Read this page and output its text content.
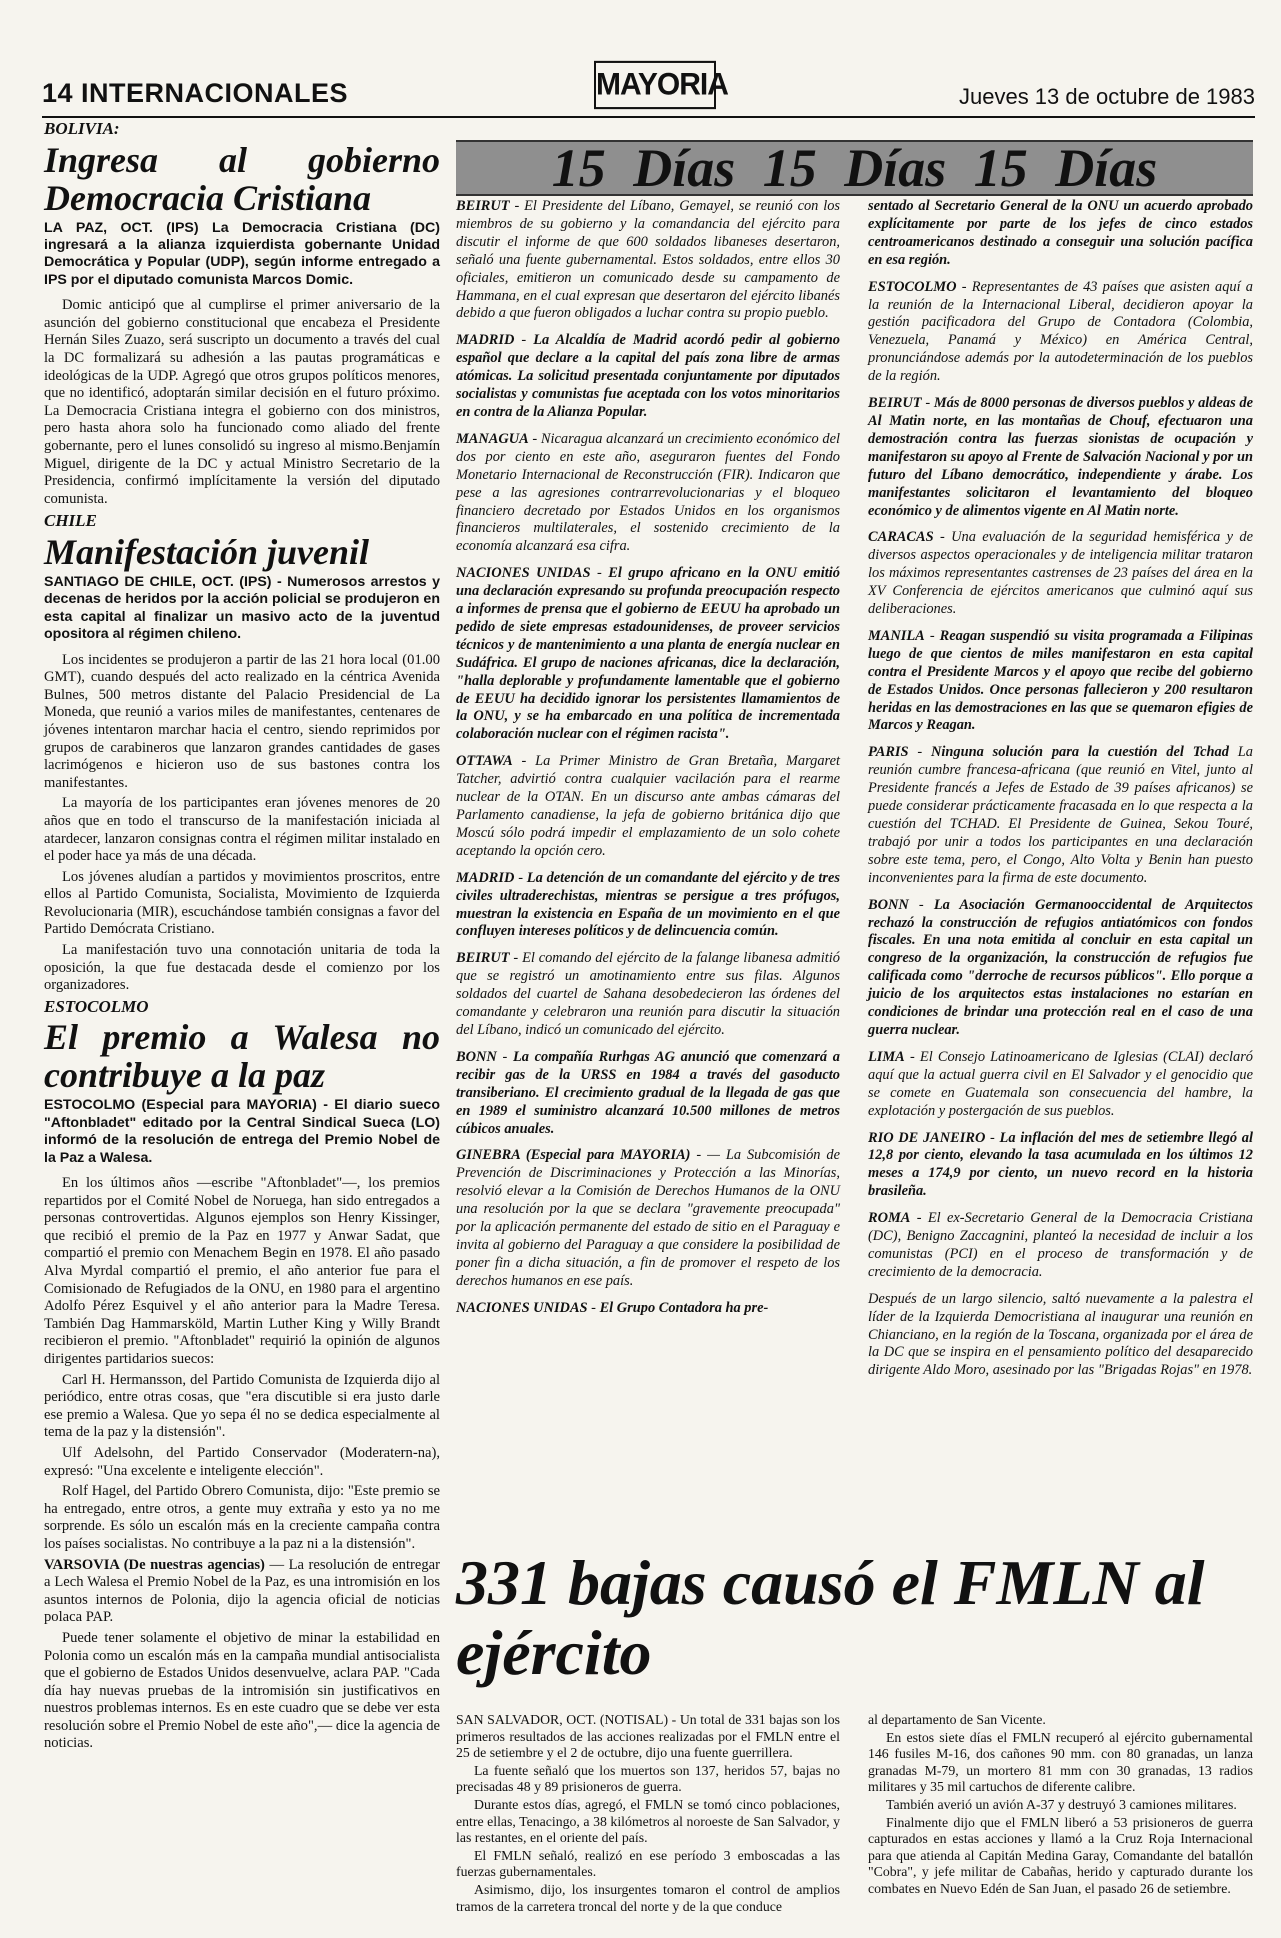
14 INTERNACIONALES	MAYORIA	Jueves 13 de octubre de 1983

BOLIVIA:

Ingresa al gobierno Democracia Cristiana

LA PAZ, OCT. (IPS) La Democracia Cristiana (DC) ingresará a la alianza izquierdista gobernante Unidad Democrática y Popular (UDP), según informe entregado a IPS por el diputado comunista Marcos Domic.

Domic anticipó que al cumplirse el primer aniversario de la asunción del gobierno constitucional que encabeza el Presidente Hernán Siles Zuazo, será suscripto un documento a través del cual la DC formalizará su adhesión a las pautas programáticas e ideológicas de la UDP. Agregó que otros grupos políticos menores, que no identificó, adoptarán similar decisión en el futuro próximo. La Democracia Cristiana integra el gobierno con dos ministros, pero hasta ahora solo ha funcionado como aliado del frente gobernante, pero el lunes consolidó su ingreso al mismo.Benjamín Miguel, dirigente de la DC y actual Ministro Secretario de la Presidencia, confirmó implícitamente la versión del diputado comunista.

CHILE

Manifestación juvenil

SANTIAGO DE CHILE, OCT. (IPS) - Numerosos arrestos y decenas de heridos por la acción policial se produjeron en esta capital al finalizar un masivo acto de la juventud opositora al régimen chileno.

Los incidentes se produjeron a partir de las 21 hora local (01.00 GMT), cuando después del acto realizado en la céntrica Avenida Bulnes, 500 metros distante del Palacio Presidencial de La Moneda, que reunió a varios miles de manifestantes, centenares de jóvenes intentaron marchar hacia el centro, siendo reprimidos por grupos de carabineros que lanzaron grandes cantidades de gases lacrimógenos e hicieron uso de sus bastones contra los manifestantes.

La mayoría de los participantes eran jóvenes menores de 20 años que en todo el transcurso de la manifestación iniciada al atardecer, lanzaron consignas contra el régimen militar instalado en el poder hace ya más de una década.

Los jóvenes aludían a partidos y movimientos proscritos, entre ellos al Partido Comunista, Socialista, Movimiento de Izquierda Revolucionaria (MIR), escuchándose también consignas a favor del Partido Demócrata Cristiano.

La manifestación tuvo una connotación unitaria de toda la oposición, la que fue destacada desde el comienzo por los organizadores.

ESTOCOLMO

El premio a Walesa no contribuye a la paz

ESTOCOLMO (Especial para MAYORIA) - El diario sueco "Aftonbladet" editado por la Central Sindical Sueca (LO) informó de la resolución de entrega del Premio Nobel de la Paz a Walesa.

En los últimos años —escribe "Aftonbladet"—, los premios repartidos por el Comité Nobel de Noruega, han sido entregados a personas controvertidas. Algunos ejemplos son Henry Kissinger, que recibió el premio de la Paz en 1977 y Anwar Sadat, que compartió el premio con Menachem Begin en 1978. El año pasado Alva Myrdal compartió el premio, el año anterior fue para el Comisionado de Refugiados de la ONU, en 1980 para el argentino Adolfo Pérez Esquivel y el año anterior para la Madre Teresa. También Dag Hammarsköld, Martin Luther King y Willy Brandt recibieron el premio. "Aftonbladet" requirió la opinión de algunos dirigentes partidarios suecos:

Carl H. Hermansson, del Partido Comunista de Izquierda dijo al periódico, entre otras cosas, que "era discutible si era justo darle ese premio a Walesa. Que yo sepa él no se dedica especialmente al tema de la paz y la distensión".

Ulf Adelsohn, del Partido Conservador (Moderatern-na), expresó: "Una excelente e inteligente elección".

Rolf Hagel, del Partido Obrero Comunista, dijo: "Este premio se ha entregado, entre otros, a gente muy extraña y esto ya no me sorprende. Es sólo un escalón más en la creciente campaña contra los países socialistas. No contribuye a la paz ni a la distensión".

VARSOVIA (De nuestras agencias) — La resolución de entregar a Lech Walesa el Premio Nobel de la Paz, es una intromisión en los asuntos internos de Polonia, dijo la agencia oficial de noticias polaca PAP.

Puede tener solamente el objetivo de minar la estabilidad en Polonia como un escalón más en la campaña mundial antisocialista que el gobierno de Estados Unidos desenvuelve, aclara PAP. "Cada día hay nuevas pruebas de la intromisión sin justificativos en nuestros problemas internos. Es en este cuadro que se debe ver esta resolución sobre el Premio Nobel de este año",— dice la agencia de noticias.

15 Días 15 Días 15 Días
BEIRUT - El Presidente del Líbano, Gemayel, se reunió con los miembros de su gobierno y la comandancia del ejército para discutir el informe de que 600 soldados libaneses desertaron, señaló una fuente gubernamental. Estos soldados, entre ellos 30 oficiales, emitieron un comunicado desde su campamento de Hammana, en el cual expresan que desertaron del ejército libanés debido a que fueron obligados a luchar contra su propio pueblo.
MADRID - La Alcaldía de Madrid acordó pedir al gobierno español que declare a la capital del país zona libre de armas atómicas. La solicitud presentada conjuntamente por diputados socialistas y comunistas fue aceptada con los votos minoritarios en contra de la Alianza Popular.
MANAGUA - Nicaragua alcanzará un crecimiento económico del dos por ciento en este año, aseguraron fuentes del Fondo Monetario Internacional de Reconstrucción (FIR). Indicaron que pese a las agresiones contrarrevolucionarias y el bloqueo financiero decretado por Estados Unidos en los organismos financieros multilaterales, el sostenido crecimiento de la economía alcanzará esa cifra.
NACIONES UNIDAS - El grupo africano en la ONU emitió una declaración expresando su profunda preocupación respecto a informes de prensa que el gobierno de EEUU ha aprobado un pedido de siete empresas estadounidenses, de proveer servicios técnicos y de mantenimiento a una planta de energía nuclear en Sudáfrica. El grupo de naciones africanas, dice la declaración, "halla deplorable y profundamente lamentable que el gobierno de EEUU ha decidido ignorar los persistentes llamamientos de la ONU, y se ha embarcado en una política de incrementada colaboración nuclear con el régimen racista".
OTTAWA - La Primer Ministro de Gran Bretaña, Margaret Tatcher, advirtió contra cualquier vacilación para el rearme nuclear de la OTAN. En un discurso ante ambas cámaras del Parlamento canadiense, la jefa de gobierno británica dijo que Moscú sólo podrá impedir el emplazamiento de un solo cohete aceptando la opción cero.
MADRID - La detención de un comandante del ejército y de tres civiles ultraderechistas, mientras se persigue a tres prófugos, muestran la existencia en España de un movimiento en el que confluyen intereses políticos y de delincuencia común.
BEIRUT - El comando del ejército de la falange libanesa admitió que se registró un amotinamiento entre sus filas. Algunos soldados del cuartel de Sahana desobedecieron las órdenes del comandante y celebraron una reunión para discutir la situación del Líbano, indicó un comunicado del ejército.
BONN - La compañía Rurhgas AG anunció que comenzará a recibir gas de la URSS en 1984 a través del gasoducto transiberiano. El crecimiento gradual de la llegada de gas que en 1989 el suministro alcanzará 10.500 millones de metros cúbicos anuales.
GINEBRA (Especial para MAYORIA) - — La Subcomisión de Prevención de Discriminaciones y Protección a las Minorías, resolvió elevar a la Comisión de Derechos Humanos de la ONU una resolución por la que se declara "gravemente preocupada" por la aplicación permanente del estado de sitio en el Paraguay e invita al gobierno del Paraguay a que considere la posibilidad de poner fin a dicha situación, a fin de promover el respeto de los derechos humanos en ese país.
NACIONES UNIDAS - El Grupo Contadora ha pre-
sentado al Secretario General de la ONU un acuerdo aprobado explícitamente por parte de los jefes de cinco estados centroamericanos destinado a conseguir una solución pacífica en esa región.
ESTOCOLMO - Representantes de 43 países que asisten aquí a la reunión de la Internacional Liberal, decidieron apoyar la gestión pacificadora del Grupo de Contadora (Colombia, Venezuela, Panamá y México) en América Central, pronunciándose además por la autodeterminación de los pueblos de la región.
BEIRUT - Más de 8000 personas de diversos pueblos y aldeas de Al Matin norte, en las montañas de Chouf, efectuaron una demostración contra las fuerzas sionistas de ocupación y manifestaron su apoyo al Frente de Salvación Nacional y por un futuro del Líbano democrático, independiente y árabe. Los manifestantes solicitaron el levantamiento del bloqueo económico y de alimentos vigente en Al Matin norte.
CARACAS - Una evaluación de la seguridad hemisférica y de diversos aspectos operacionales y de inteligencia militar trataron los máximos representantes castrenses de 23 países del área en la XV Conferencia de ejércitos americanos que culminó aquí sus deliberaciones.
MANILA - Reagan suspendió su visita programada a Filipinas luego de que cientos de miles manifestaron en esta capital contra el Presidente Marcos y el apoyo que recibe del gobierno de Estados Unidos. Once personas fallecieron y 200 resultaron heridas en las demostraciones en las que se quemaron efigies de Marcos y Reagan.
PARIS - Ninguna solución para la cuestión del Tchad La reunión cumbre francesa-africana (que reunió en Vitel, junto al Presidente francés a Jefes de Estado de 39 países africanos) se puede considerar prácticamente fracasada en lo que respecta a la cuestión del TCHAD. El Presidente de Guinea, Sekou Touré, trabajó por unir a todos los participantes en una declaración sobre este tema, pero, el Congo, Alto Volta y Benin han puesto inconvenientes para la firma de este documento.
BONN - La Asociación Germanooccidental de Arquitectos rechazó la construcción de refugios antiatómicos con fondos fiscales. En una nota emitida al concluir en esta capital un congreso de la organización, la construcción de refugios fue calificada como "derroche de recursos públicos". Ello porque a juicio de los arquitectos estas instalaciones no estarían en condiciones de brindar una protección real en el caso de una guerra nuclear.
LIMA - El Consejo Latinoamericano de Iglesias (CLAI) declaró aquí que la actual guerra civil en El Salvador y el genocidio que se comete en Guatemala son consecuencia del hambre, la explotación y postergación de sus pueblos.
RIO DE JANEIRO - La inflación del mes de setiembre llegó al 12,8 por ciento, elevando la tasa acumulada en los últimos 12 meses a 174,9 por ciento, un nuevo record en la historia brasileña.
ROMA - El ex-Secretario General de la Democracia Cristiana (DC), Benigno Zaccagnini, planteó la necesidad de incluir a los comunistas (PCI) en el proceso de transformación y de crecimiento de la democracia.
Después de un largo silencio, saltó nuevamente a la palestra el líder de la Izquierda Democristiana al inaugurar una reunión en Chianciano, en la región de la Toscana, organizada por el área de la DC que se inspira en el pensamiento político del desaparecido dirigente Aldo Moro, asesinado por las "Brigadas Rojas" en 1978.
331 bajas causó el FMLN al ejército

SAN SALVADOR, OCT. (NOTISAL) - Un total de 331 bajas son los primeros resultados de las acciones realizadas por el FMLN entre el 25 de setiembre y el 2 de octubre, dijo una fuente guerrillera.

La fuente señaló que los muertos son 137, heridos 57, bajas no precisadas 48 y 89 prisioneros de guerra.

Durante estos días, agregó, el FMLN se tomó cinco poblaciones, entre ellas, Tenacingo, a 38 kilómetros al noroeste de San Salvador, y las restantes, en el oriente del país.

El FMLN señaló, realizó en ese período 3 emboscadas a las fuerzas gubernamentales.

Asimismo, dijo, los insurgentes tomaron el control de amplios tramos de la carretera troncal del norte y de la que conduce

al departamento de San Vicente.

En estos siete días el FMLN recuperó al ejército gubernamental 146 fusiles M-16, dos cañones 90 mm. con 80 granadas, un lanza granadas M-79, un mortero 81 mm con 30 granadas, 13 radios militares y 35 mil cartuchos de diferente calibre.

También averió un avión A-37 y destruyó 3 camiones militares.

Finalmente dijo que el FMLN liberó a 53 prisioneros de guerra capturados en estas acciones y llamó a la Cruz Roja Internacional para que atienda al Capitán Medina Garay, Comandante del batallón "Cobra", y jefe militar de Cabañas, herido y capturado durante los combates en Nuevo Edén de San Juan, el pasado 26 de setiembre.
